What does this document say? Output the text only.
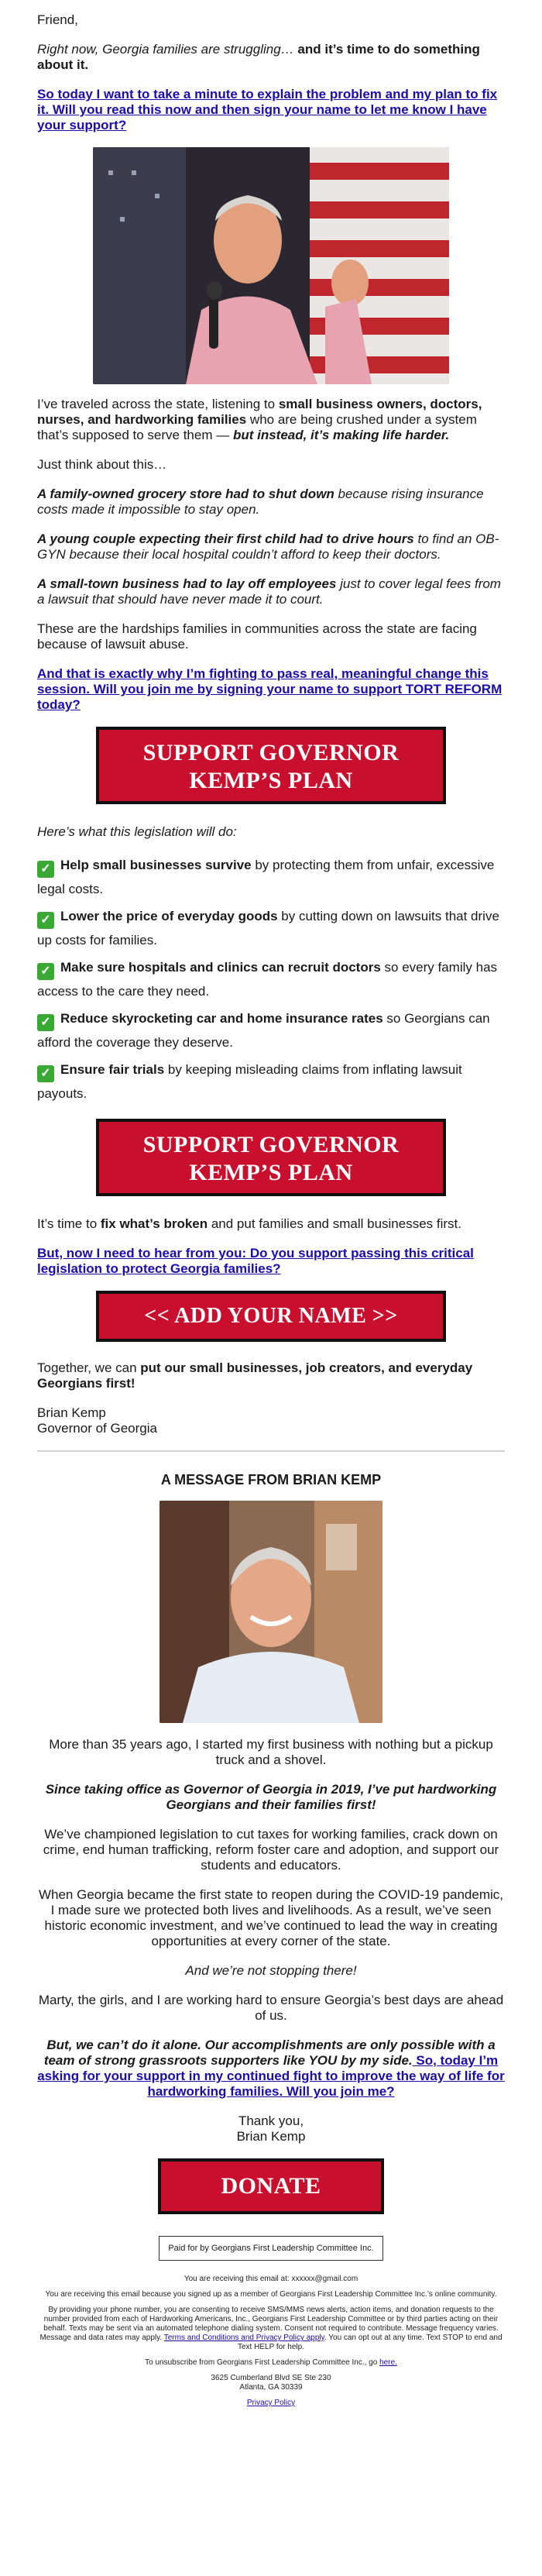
Friend,

Right now, Georgia families are struggling… and it’s time to do something about it.

So today I want to take a minute to explain the problem and my plan to fix it. Will you read this now and then sign your name to let me know I have your support?

I’ve traveled across the state, listening to small business owners, doctors, nurses, and hardworking families who are being crushed under a system that’s supposed to serve them — but instead, it’s making life harder.

Just think about this…

A family-owned grocery store had to shut down because rising insurance costs made it impossible to stay open.

A young couple expecting their first child had to drive hours to find an OB-GYN because their local hospital couldn’t afford to keep their doctors.

A small-town business had to lay off employees just to cover legal fees from a lawsuit that should have never made it to court.

These are the hardships families in communities across the state are facing because of lawsuit abuse.

And that is exactly why I’m fighting to pass real, meaningful change this session. Will you join me by signing your name to support TORT REFORM today?

SUPPORT GOVERNOR
KEMP’S PLAN

Here’s what this legislation will do:

✓ Help small businesses survive by protecting them from unfair, excessive legal costs.
✓ Lower the price of everyday goods by cutting down on lawsuits that drive up costs for families.
✓ Make sure hospitals and clinics can recruit doctors so every family has access to the care they need.
✓ Reduce skyrocketing car and home insurance rates so Georgians can afford the coverage they deserve.
✓ Ensure fair trials by keeping misleading claims from inflating lawsuit payouts.
SUPPORT GOVERNOR
KEMP’S PLAN

It’s time to fix what’s broken and put families and small businesses first.

But, now I need to hear from you: Do you support passing this critical legislation to protect Georgia families?

<< ADD YOUR NAME >>

Together, we can put our small businesses, job creators, and everyday Georgians first!

Brian Kemp
Governor of Georgia

A MESSAGE FROM BRIAN KEMP

More than 35 years ago, I started my first business with nothing but a pickup truck and a shovel.

Since taking office as Governor of Georgia in 2019, I’ve put hardworking Georgians and their families first!

We’ve championed legislation to cut taxes for working families, crack down on crime, end human trafficking, reform foster care and adoption, and support our students and educators.

When Georgia became the first state to reopen during the COVID-19 pandemic, I made sure we protected both lives and livelihoods. As a result, we’ve seen historic economic investment, and we’ve continued to lead the way in creating opportunities at every corner of the state.

And we’re not stopping there!

Marty, the girls, and I are working hard to ensure Georgia’s best days are ahead of us.

But, we can’t do it alone. Our accomplishments are only possible with a team of strong grassroots supporters like YOU by my side. So, today I’m asking for your support in my continued fight to improve the way of life for hardworking families. Will you join me?

Thank you,
Brian Kemp

DONATE
Paid for by Georgians First Leadership Committee Inc.
You are receiving this email at: xxxxxx@gmail.com
You are receiving this email because you signed up as a member of Georgians First Leadership Committee Inc.’s online community.
By providing your phone number, you are consenting to receive SMS/MMS news alerts, action items, and donation requests to the number provided from each of Hardworking Americans, Inc., Georgians First Leadership Committee or by third parties acting on their behalf. Texts may be sent via an automated telephone dialing system. Consent not required to contribute. Message frequency varies. Message and data rates may apply. Terms and Conditions and Privacy Policy apply. You can opt out at any time. Text STOP to end and Text HELP for help.
To unsubscribe from Georgians First Leadership Committee Inc., go here.
3625 Cumberland Blvd SE Ste 230
Atlanta, GA 30339
Privacy Policy
